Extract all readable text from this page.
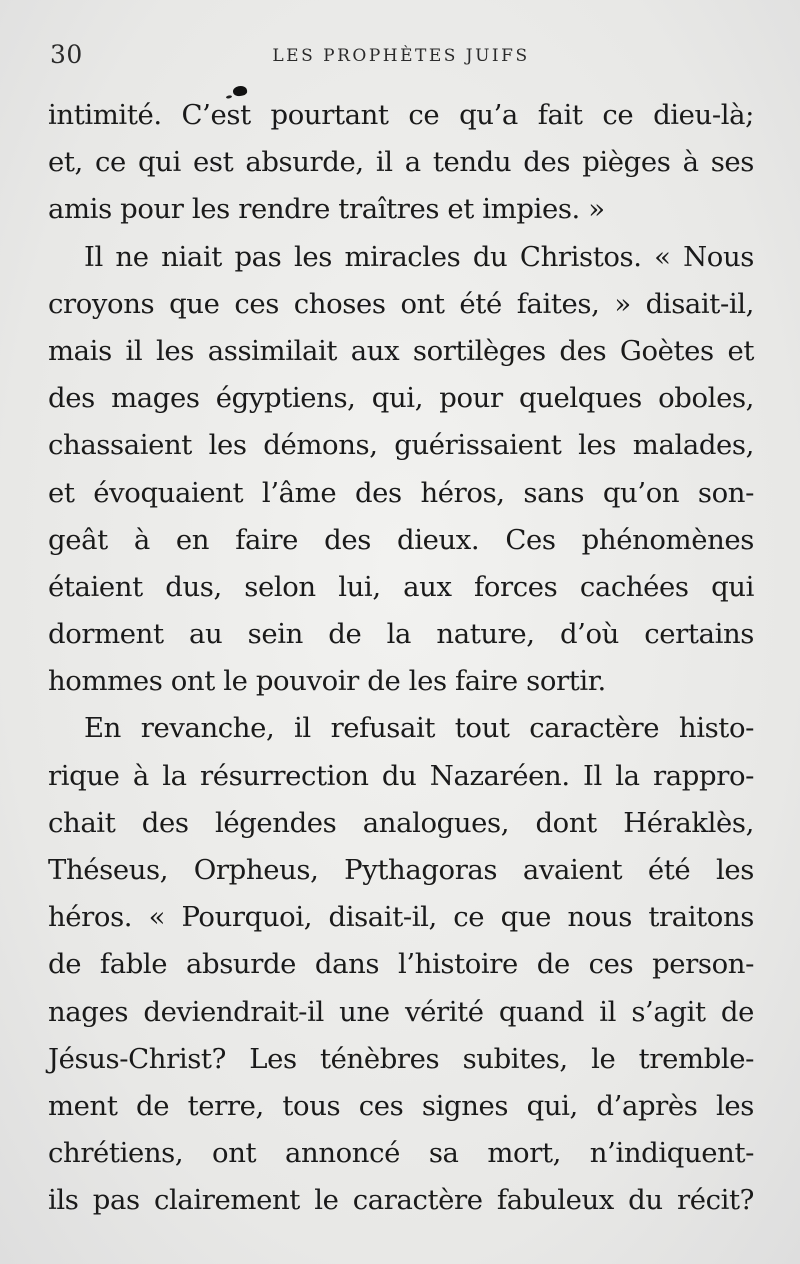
30	LES PROPHÈTES JUIFS
intimité. C’est pourtant ce qu’a fait ce dieu-là;
et, ce qui est absurde, il a tendu des pièges à ses
amis pour les rendre traîtres et impies. »
Il ne niait pas les miracles du Christos. « Nous
croyons que ces choses ont été faites, » disait-il,
mais il les assimilait aux sortilèges des Goètes et
des mages égyptiens, qui, pour quelques oboles,
chassaient les démons, guérissaient les malades,
et évoquaient l’âme des héros, sans qu’on son-
geât à en faire des dieux. Ces phénomènes
étaient dus, selon lui, aux forces cachées qui
dorment au sein de la nature, d’où certains
hommes ont le pouvoir de les faire sortir.
En revanche, il refusait tout caractère histo-
rique à la résurrection du Nazaréen. Il la rappro-
chait des légendes analogues, dont Héraklès,
Théseus, Orpheus, Pythagoras avaient été les
héros. « Pourquoi, disait-il, ce que nous traitons
de fable absurde dans l’histoire de ces person-
nages deviendrait-il une vérité quand il s’agit de
Jésus-Christ? Les ténèbres subites, le tremble-
ment de terre, tous ces signes qui, d’après les
chrétiens, ont annoncé sa mort, n’indiquent-
ils pas clairement le caractère fabuleux du récit?
